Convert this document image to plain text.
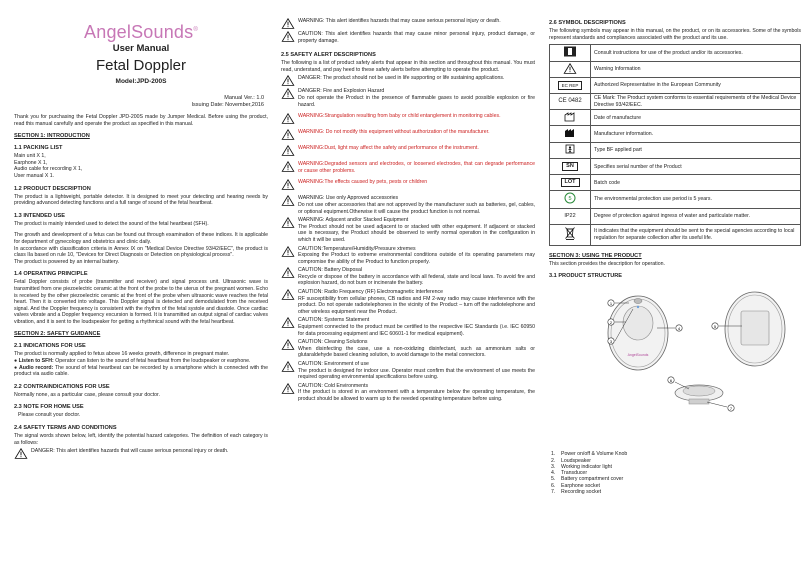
AngelSounds®
User Manual
Fetal Doppler
Model:JPD-200S
Manual Ver.: 1.0
Issuing Date: November,2016

Thank you for purchasing the Fetal Doppler JPD-200S made by Jumper Medical. Before using the product, read this manual carefully and operate the product as specified in this manual.

SECTION 1: INTRODUCTION
1.1 PACKING LIST
Main unit X 1,
Earphone X 1,
Audio cable for recording X 1,
User manual X 1.
1.2 PRODUCT DESCRIPTION

The product is a lightweight, portable detector. It is designed to meet your detecting and hearing needs by providing advanced detecting functions and a full range of sound of the fetal heartbeat.

1.3 INTENDED USE

The product is mainly intended used to detect the sound of the fetal heartbeat (SFH).

The growth and development of a fetus can be found out through examination of these indices. It is applicable for department of gynecology and obstetrics and clinic daily.

In accordance with classification criteria in Annex IX on "Medical Device Directive 93/42/EEC", the product is class IIa based on rule 10, "Devices for Direct Diagnosis or Detection on physiological process".

The product is powered by an internal battery.

1.4 OPERATING PRINCIPLE

Fetal Doppler consists of probe (transmitter and receiver) and signal process unit. Ultrasonic wave is transmitted from one piezoelectric ceramic at the front of the probe to the uterus of the pregnant women. Echo is received by the other piezoelectric ceramic at the front of the probe when ultrasonic wave reaches the fetal heart. Then it is converted into voltage. This Doppler signal is detected and demodulated from the received signal. And the Doppler frequency is consistent with the rhythm of the fetal systole and diastole. Once cardiac valves vibrate and a Doppler frequency excursion is formed. It is transmitted an output signal of cardiac valves vibration, and it is sent to the loudspeaker for getting a rhythmical sound with the fetal heartbeat.

SECTION 2: SAFETY GUIDANCE
2.1 INDICATIONS FOR USE

The product is normally applied to fetus above 16 weeks growth, difference in pregnant mater.

● Listen to SFH: Operator can listen to the sound of fetal heartbeat from the loudspeaker or earphone.

● Audio record: The sound of fetal heartbeat can be recorded by a smartphone which is connected with the product via audio cable.

2.2 CONTRAINDICATIONS FOR USE

Normally none, as a particular case, please consult your doctor.

2.3 NOTE FOR HOME USE

Please consult your doctor.

2.4 SAFETY TERMS AND CONDITIONS

The signal words shown below, left, identify the potential hazard categories. The definition of each category is as follows:

DANGER: This alert identifies hazards that will cause serious personal injury or death.
WARNING: This alert identifies hazards that may cause serious personal injury or death.
CAUTION: This alert identifies hazards that may cause minor personal injury, product damage, or property damage.
2.5 SAFETY ALERT DESCRIPTIONS

The following is a list of product safety alerts that appear in this section and throughout this manual. You must read, understand, and pay heed to these safety alerts before attempting to operate the product.

DANGER: The product should not be used in life supporting or life sustaining applications.
DANGER: Fire and Explosion Hazard
Do not operate the Product in the presence of flammable gases to avoid possible explosion or fire hazard.
WARNING:Strangulation resulting from baby or child entanglement in monitoring cables.
WARNING: Do not modify this equipment without authorization of the manufacturer.
WARNING:Dust, light may affect the safety and performance of the instrument.
WARNING:Degraded sensors and electrodes, or loosened electrodes, that can degrade performance or cause other problems.
WARNING:The effects caused by pets, pests or children
WARNING: Use only Approved accessories
Do not use other accessories that are not approved by the manufacturer such as batteries, gel, cables, or optional equipment.Otherwise it will cause the product function is not normal.
WARNING: Adjacent and/or Stacked Equipment
The Product should not be used adjacent to or stacked with other equipment. If adjacent or stacked use is necessary, the Product should be observed to verify normal operation in the configuration in which it will be used.
CAUTION:Temperature/Humidity/Pressure xtremes
Exposing the Product to extreme environmental conditions outside of its operating parameters may compromise the ability of the Product to function properly.
CAUTION: Battery Disposal
Recycle or dispose of the battery in accordance with all federal, state and local laws. To avoid fire and explosion hazard, do not burn or incinerate the battery.
CAUTION: Radio Frequency (RF) Electromagnetic interference
RF susceptibility from cellular phones, CB radios and FM 2-way radio may cause interference with the product. Do not operate radiotelephones in the vicinity of the Product – turn off the radiotelephone and other wireless equipment near the Product.
CAUTION: Systems Statement
Equipment connected to the product must be certified to the respective IEC Standards (i.e. IEC 60950 for data processing equipment and IEC 60601-1 for medical equipment).
CAUTION: Cleaning Solutions
When disinfecting the case, use a non-oxidizing disinfectant, such as ammonium salts or glutaraldehyde based cleaning solution, to avoid damage to the metal connectors.
CAUTION: Environment of use
The product is designed for indoor use. Operator must confirm that the environment of use meets the required operating environmental specifications before using.
CAUTION: Cold Environments
If the product is stored in an environment with a temperature below the operating temperature, the product should be allowed to warm up to the needed operating temperature before using.
2.6 SYMBOL DESCRIPTIONS

The following symbols may appear in this manual, on the product, or on its accessories. Some of the symbols represent standards and compliances associated with the product and its use.

	Consult instructions for use of the product and/or its accessories.
	Warning Information
EC REP	Authorized Representative in the European Community
CE 0482	CE Mark: The Product system conforms to essential requirements of the Medical Device Directive 93/42/EEC.
	Date of manufacture
	Manufacturer information.
	Type BF applied part
SN	Specifies serial number of the Product
LOT	Batch code

5	The environmental protection use period is 5 years.
IP22	Degree of protection against ingress of water and particulate matter.
	It indicates that the equipment should be sent to the special agencies according to local regulation for separate collection after its useful life.
SECTION 3: USING THE PRODUCT

This section provides the description for operation.

3.1 PRODUCT STRUCTURE
AngelSounds
1
2
3
4	5
6
7
1. Power on/off & Volume Knob
2. Loudspeaker
3. Working indicator light
4. Transducer
5. Battery compartment cover
6. Earphone socket
7. Recording socket
